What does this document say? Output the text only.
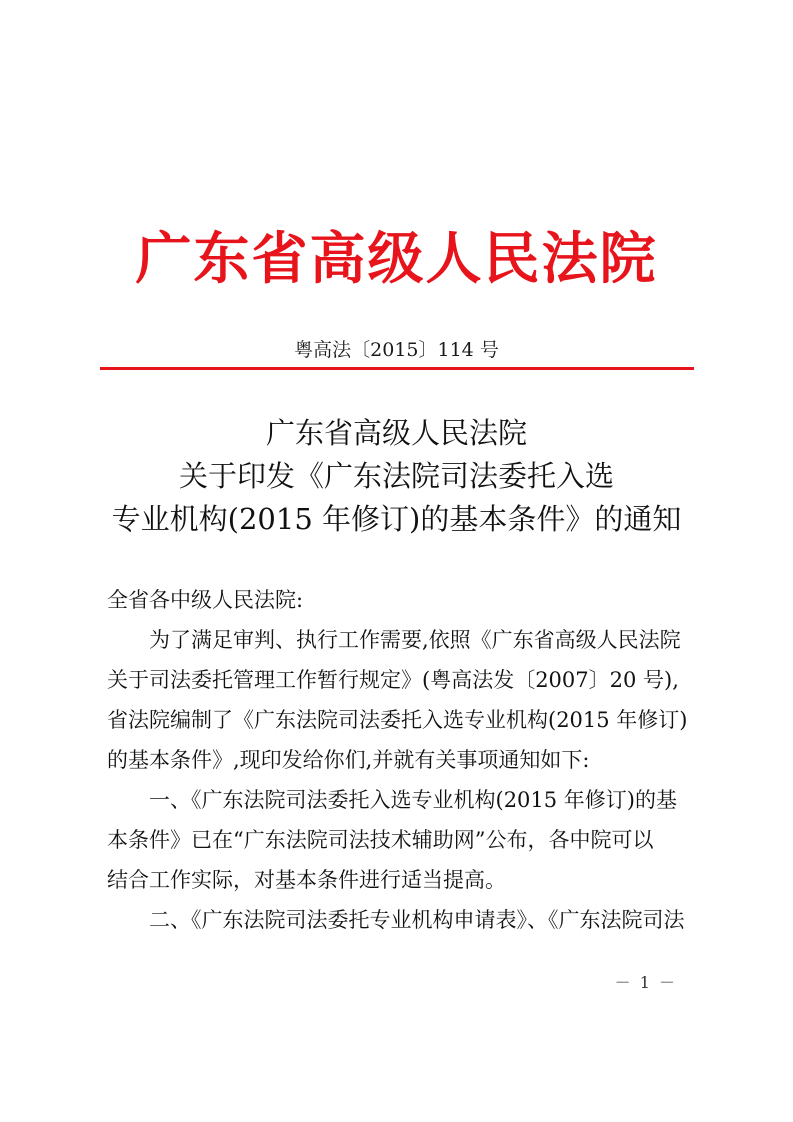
广东省高级人民法院
粤高法〔2015〕114 号
广东省高级人民法院
关于印发《广东法院司法委托入选
专业机构(2015 年修订)的基本条件》的通知
全省各中级人民法院:
为了满足审判、执行工作需要,依照《广东省高级人民法院
关于司法委托管理工作暂行规定》(粤高法发〔2007〕20 号),
省法院编制了《广东法院司法委托入选专业机构(2015 年修订)
的基本条件》,现印发给你们,并就有关事项通知如下:
一、《广东法院司法委托入选专业机构(2015 年修订)的基
本条件》已在“广东法院司法技术辅助网”公布，各中院可以
结合工作实际，对基本条件进行适当提高。
二、《广东法院司法委托专业机构申请表》、《广东法院司法
－ 1 －
